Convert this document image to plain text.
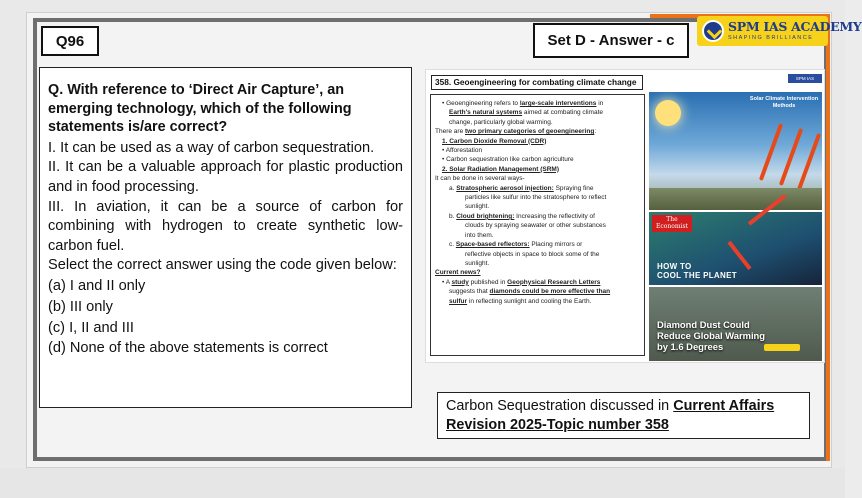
Q96	Set D - Answer - c
SPM IAS ACADEMY
SHAPING BRILLIANCE
Q. With reference to ‘Direct Air Capture’, an emerging technology, which of the following statements is/are correct?
I. It can be used as a way of carbon sequestration.
II. It can be a valuable approach for plastic production and in food processing.
III. In aviation, it can be a source of carbon for combining with hydrogen to create synthetic low-carbon fuel.
Select the correct answer using the code given below:
(a) I and II only
(b) III only
(c) I, II and III
(d) None of the above statements is correct
358. Geoengineering for combating climate change	SPM IAS ACADEMY
• Geoengineering refers to large-scale interventions in
Earth's natural systems aimed at combating climate
change, particularly global warming.
There are two primary categories of geoengineering:
1. Carbon Dioxide Removal (CDR)
• Afforestation
• Carbon sequestration like carbon agriculture
2. Solar Radiation Management (SRM)
It can be done in several ways-
a. Stratospheric aerosol injection: Spraying fine
particles like sulfur into the stratosphere to reflect
sunlight.
b. Cloud brightening: Increasing the reflectivity of
clouds by spraying seawater or other substances
into them.
c. Space-based reflectors: Placing mirrors or
reflective objects in space to block some of the
sunlight.
Current news?
• A study published in Geophysical Research Letters
suggests that diamonds could be more effective than
sulfur in reflecting sunlight and cooling the Earth.
Solar Climate Intervention Methods
The Economist
HOW TO
COOL THE PLANET
Diamond Dust Could
Reduce Global Warming
by 1.6 Degrees
Carbon Sequestration discussed in Current Affairs Revision 2025-Topic number 358
